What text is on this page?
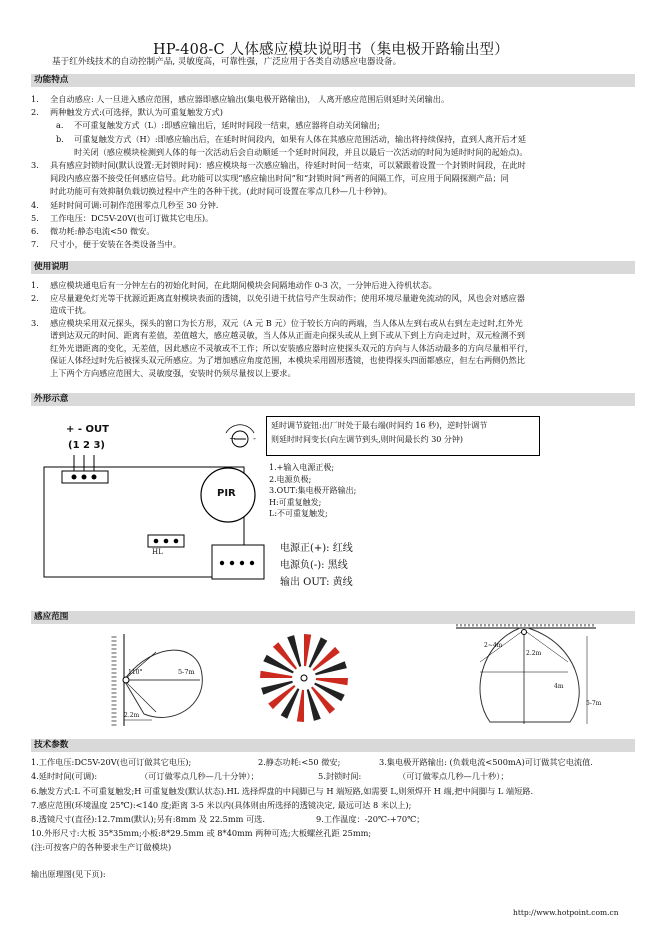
HP-408-C 人体感应模块说明书（集电极开路输出型）
基于红外线技术的自动控制产品, 灵敏度高，可靠性强，广泛应用于各类自动感应电器设备。
功能特点
1. 全自动感应: 人一旦进入感应范围，感应器即感应输出(集电极开路输出)， 人离开感应范围后则延时关闭输出。
2. 两种触发方式:(可选择，默认为可重复触发方式)
a. 不可重复触发方式（L）:即感应输出后，延时时间段一结束，感应器将自动关闭输出;
b. 可重复触发方式（H）:即感应输出后，在延时时间段内，如果有人体在其感应范围活动，输出将持续保持，直到人离开后才延
时关闭（感应模块检测到人体的每一次活动后会自动顺延一个延时时间段，并且以最后一次活动的时间为延时时间的起始点)。
3. 具有感应封锁时间(默认设置:无封锁时间)：感应模块每一次感应输出，待延时时间一结束，可以紧跟着设置一个封锁时间段，在此时
间段内感应器不接受任何感应信号。此功能可以实现“感应输出时间”和“封锁时间”两者的间隔工作，可应用于间隔探测产品；同
时此功能可有效抑制负载切换过程中产生的各种干扰。(此时间可设置在零点几秒—几十秒钟)。
4. 延时时间可调:可制作范围零点几秒至 30 分钟.
5. 工作电压：DC5V-20V(也可订做其它电压)。
6. 微功耗:静态电流<50 微安。
7. 尺寸小，便于安装在各类设备当中。
使用说明
1. 感应模块通电后有一分钟左右的初始化时间，在此期间模块会间隔地动作 0-3 次，一分钟后进入待机状态。
2. 应尽量避免灯光等干扰源近距离直射模块表面的透镜，以免引进干扰信号产生误动作；使用环境尽量避免流动的风，风也会对感应器
造成干扰。
3. 感应模块采用双元探头，探头的窗口为长方形，双元（A 元 B 元）位于较长方向的两端，当人体从左到右或从右到左走过时,红外光
谱到达双元的时间、距离有差值，差值越大，感应越灵敏，当人体从正面走向探头或从上到下或从下到上方向走过时，双元检测不到
红外光谱距离的变化，无差值，因此感应不灵敏或不工作；所以安装感应器时应使探头双元的方向与人体活动最多的方向尽量相平行，
保证人体经过时先后被探头双元所感应。为了增加感应角度范围，本模块采用圆形透镜，也使得探头四面都感应，但左右两侧仍然比
上下两个方向感应范围大、灵敏度强，安装时仍须尽量按以上要求。
外形示意
+ - OUT
(1 2 3)
+ -
PIR
HL
延时调节旋钮:出厂时处于最右端(时间约 16 秒)，逆时针调节
则延时时间变长(向左调节到头,则时间最长约 30 分钟)
1.+输入电源正极;
2.电源负极;
3.OUT:集电极开路输出;
H:可重复触发;
L:不可重复触发;
电源正(+): 红线
电源负(-): 黑线
输出 OUT: 黄线
感应范围
110°	5-7m
2.2m
2~4m
4m
2.2m
5-7m
技术参数
1.工作电压:DC5V-20V(也可订做其它电压);	2.静态功耗:<50 微安;	3.集电极开路输出: (负载电流<500mA)可订做其它电流值.
4.延时时间(可调):	（可订做零点几秒—几十分钟）；	5.封锁时间:	（可订做零点几秒—几十秒）；
6.触发方式:L 不可重复触发;H 可重复触发(默认状态).HL 选择焊盘的中间脚已与 H 端短路,如需要 L,则须焊开 H 端,把中间脚与 L 端短路.
7.感应范围(环境温度 25℃):<140 度;距离 3-5 米以内(具体则由所选择的透镜决定, 最远可达 8 米以上);
8.透镜尺寸(直径):12.7mm(默认);另有:8mm 及 22.5mm 可选.	9.工作温度：-20℃-+70℃；
10.外形尺寸:大板 35*35mm;小板:8*29.5mm 或 8*40mm 两种可选;大板螺丝孔距 25mm;
(注:可按客户的各种要求生产订做模块)
输出原理图(见下页):
http://www.hotpoint.com.cn
